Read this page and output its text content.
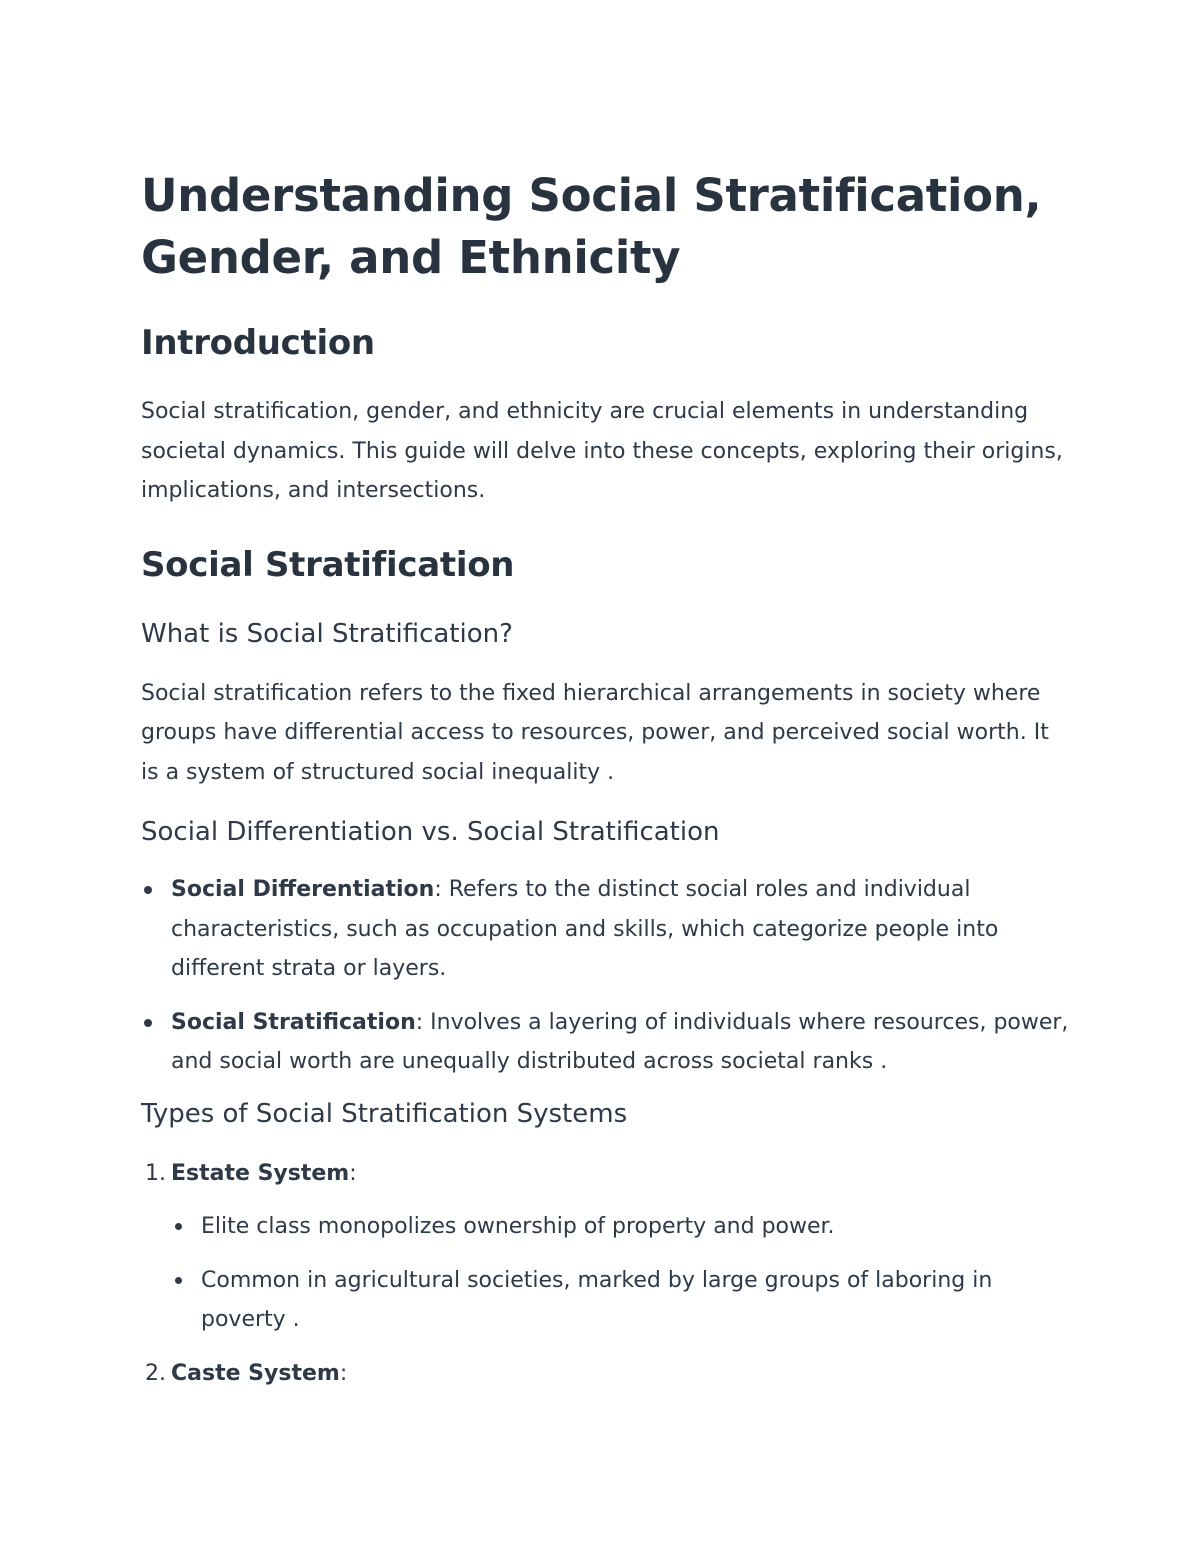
Understanding Social Stratification, Gender, and Ethnicity
Introduction

Social stratification, gender, and ethnicity are crucial elements in understanding societal dynamics. This guide will delve into these concepts, exploring their origins, implications, and intersections.

Social Stratification
What is Social Stratification?

Social stratification refers to the fixed hierarchical arrangements in society where groups have differential access to resources, power, and perceived social worth. It is a system of structured social inequality .

Social Differentiation vs. Social Stratification
Social Differentiation: Refers to the distinct social roles and individual characteristics, such as occupation and skills, which categorize people into different strata or layers.
Social Stratification: Involves a layering of individuals where resources, power, and social worth are unequally distributed across societal ranks .
Types of Social Stratification Systems
1. Estate System:
Elite class monopolizes ownership of property and power.
Common in agricultural societies, marked by large groups of laboring in poverty .
2. Caste System:
